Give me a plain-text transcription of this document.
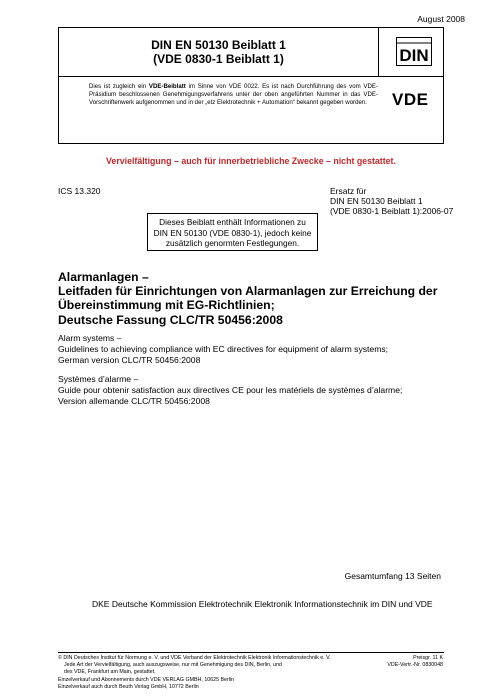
August 2008
DIN EN 50130 Beiblatt 1
(VDE 0830-1 Beiblatt 1)	DIN
Dies ist zugleich ein VDE-Beiblatt im Sinne von VDE 0022. Es ist nach Durchführung des vom VDE-Präsidium beschlossenen Genehmigungsverfahrens unter der oben angeführten Nummer in das VDE-Vorschriftenwerk aufgenommen und in der „etz Elektrotechnik + Automation“ bekannt gegeben worden.	VDE
Vervielfältigung – auch für innerbetriebliche Zwecke – nicht gestattet.
ICS 13.320	Ersatz für
DIN EN 50130 Beiblatt 1
(VDE 0830-1 Beiblatt 1):2006-07
Dieses Beiblatt enthält Informationen zu
DIN EN 50130 (VDE 0830-1), jedoch keine
zusätzlich genormten Festlegungen.
Alarmanlagen –
Leitfaden für Einrichtungen von Alarmanlagen zur Erreichung der
Übereinstimmung mit EG-Richtlinien;
Deutsche Fassung CLC/TR 50456:2008
Alarm systems –
Guidelines to achieving compliance with EC directives for equipment of alarm systems;
German version CLC/TR 50456:2008
Systèmes d’alarme –
Guide pour obtenir satisfaction aux directives CE pour les matériels de systèmes d’alarme;
Version allemande CLC/TR 50456:2008
Gesamtumfang 13 Seiten
DKE Deutsche Kommission Elektrotechnik Elektronik Informationstechnik im DIN und VDE
© DIN Deutsches Institut für Normung e. V. und VDE Verband der Elektrotechnik Elektronik Informationstechnik e. V.
Jede Art der Vervielfältigung, auch auszugsweise, nur mit Genehmigung des DIN, Berlin, und
des VDE, Frankfurt am Main, gestattet.
Einzelverkauf und Abonnements durch VDE VERLAG GMBH, 10625 Berlin
Einzelverkauf auch durch Beuth Verlag GmbH, 10772 Berlin
Preisgr. 11 K
VDE-Vertr.-Nr. 0830048
